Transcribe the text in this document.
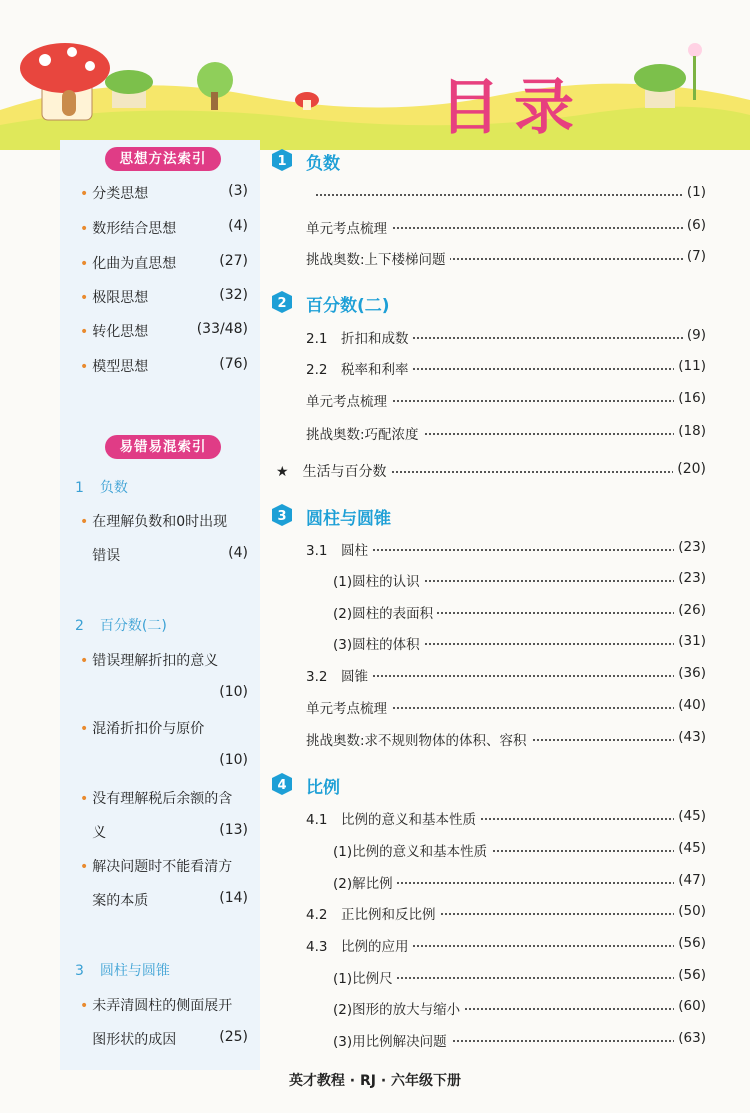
目录
思想方法索引
• 分类思想	(3)
• 数形结合思想	(4)
• 化曲为直思想	(27)
• 极限思想	(32)
• 转化思想	(33/48)
• 模型思想	(76)
易错易混索引
1 负数
• 在理解负数和0时出现
错误	(4)
2 百分数(二)
• 错误理解折扣的意义
(10)
• 混淆折扣价与原价
(10)
• 没有理解税后余额的含
义	(13)
• 解决问题时不能看清方
案的本质	(14)
3 圆柱与圆锥
• 未弄清圆柱的侧面展开
图形状的成因	(25)
1 负数
2 百分数(二)
3 圆柱与圆锥
4 比例
(1)
单元考点梳理	(6)
挑战奥数:上下楼梯问题	(7)
2.1　折扣和成数	(9)
2.2　税率和利率	(11)
单元考点梳理	(16)
挑战奥数:巧配浓度	(18)
★　 生活与百分数	(20)
3.1　圆柱	(23)
　　(1)圆柱的认识	(23)
　　(2)圆柱的表面积	(26)
　　(3)圆柱的体积	(31)
3.2　圆锥	(36)
单元考点梳理	(40)
挑战奥数:求不规则物体的体积、容积	(43)
4.1　比例的意义和基本性质	(45)
　　(1)比例的意义和基本性质	(45)
　　(2)解比例	(47)
4.2　正比例和反比例	(50)
4.3　比例的应用	(56)
　　(1)比例尺	(56)
　　(2)图形的放大与缩小	(60)
　　(3)用比例解决问题	(63)
英才教程 · RJ · 六年级下册
